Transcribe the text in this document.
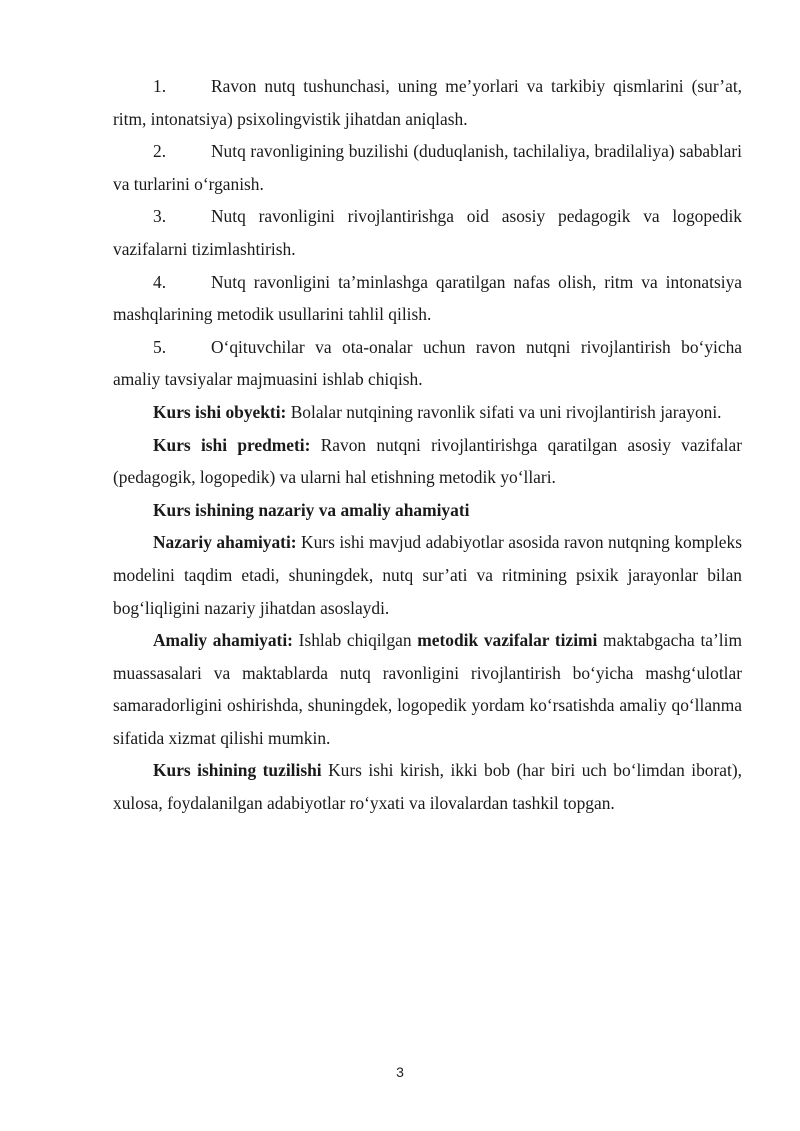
1.	Ravon nutq tushunchasi, uning me’yorlari va tarkibiy qismlarini (sur’at, ritm, intonatsiya) psixolingvistik jihatdan aniqlash.

2.	Nutq ravonligining buzilishi (duduqlanish, tachilaliya, bradilaliya) sabablari va turlarini o‘rganish.

3.	Nutq ravonligini rivojlantirishga oid asosiy pedagogik va logopedik vazifalarni tizimlashtirish.

4.	Nutq ravonligini ta’minlashga qaratilgan nafas olish, ritm va intonatsiya mashqlarining metodik usullarini tahlil qilish.

5.	O‘qituvchilar va ota-onalar uchun ravon nutqni rivojlantirish bo‘yicha amaliy tavsiyalar majmuasini ishlab chiqish.

Kurs ishi obyekti: Bolalar nutqining ravonlik sifati va uni rivojlantirish jarayoni.

Kurs ishi predmeti: Ravon nutqni rivojlantirishga qaratilgan asosiy vazifalar (pedagogik, logopedik) va ularni hal etishning metodik yo‘llari.

Kurs ishining nazariy va amaliy ahamiyati

Nazariy ahamiyati: Kurs ishi mavjud adabiyotlar asosida ravon nutqning kompleks modelini taqdim etadi, shuningdek, nutq sur’ati va ritmining psixik jarayonlar bilan bog‘liqligini nazariy jihatdan asoslaydi.

Amaliy ahamiyati: Ishlab chiqilgan metodik vazifalar tizimi maktabgacha ta’lim muassasalari va maktablarda nutq ravonligini rivojlantirish bo‘yicha mashg‘ulotlar samaradorligini oshirishda, shuningdek, logopedik yordam ko‘rsatishda amaliy qo‘llanma sifatida xizmat qilishi mumkin.

Kurs ishining tuzilishi Kurs ishi kirish, ikki bob (har biri uch bo‘limdan iborat), xulosa, foydalanilgan adabiyotlar ro‘yxati va ilovalardan tashkil topgan.

3
